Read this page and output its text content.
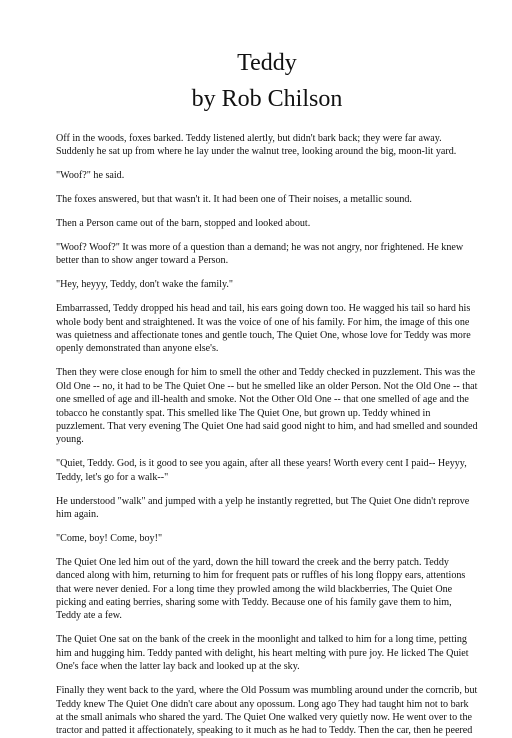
Teddy
by Rob Chilson

Off in the woods, foxes barked. Teddy listened alertly, but didn't bark back; they were far away. Suddenly he sat up from where he lay under the walnut tree, looking around the big, moon-lit yard.

"Woof?" he said.

The foxes answered, but that wasn't it. It had been one of Their noises, a metallic sound.

Then a Person came out of the barn, stopped and looked about.

"Woof? Woof?" It was more of a question than a demand; he was not angry, nor frightened. He knew better than to show anger toward a Person.

"Hey, heyyy, Teddy, don't wake the family."

Embarrassed, Teddy dropped his head and tail, his ears going down too. He wagged his tail so hard his whole body bent and straightened. It was the voice of one of his family. For him, the image of this one was quietness and affectionate tones and gentle touch, The Quiet One, whose love for Teddy was more openly demonstrated than anyone else's.

Then they were close enough for him to smell the other and Teddy checked in puzzlement. This was the Old One -- no, it had to be The Quiet One -- but he smelled like an older Person. Not the Old One -- that one smelled of age and ill-health and smoke. Not the Other Old One -- that one smelled of age and the tobacco he constantly spat. This smelled like The Quiet One, but grown up. Teddy whined in puzzlement. That very evening The Quiet One had said good night to him, and had smelled and sounded young.

"Quiet, Teddy. God, is it good to see you again, after all these years! Worth every cent I paid-- Heyyy, Teddy, let's go for a walk--"

He understood "walk" and jumped with a yelp he instantly regretted, but The Quiet One didn't reprove him again.

"Come, boy! Come, boy!"

The Quiet One led him out of the yard, down the hill toward the creek and the berry patch. Teddy danced along with him, returning to him for frequent pats or ruffles of his long floppy ears, attentions that were never denied. For a long time they prowled among the wild blackberries, The Quiet One picking and eating berries, sharing some with Teddy. Because one of his family gave them to him, Teddy ate a few.

The Quiet One sat on the bank of the creek in the moonlight and talked to him for a long time, petting him and hugging him. Teddy panted with delight, his heart melting with pure joy. He licked The Quiet One's face when the latter lay back and looked up at the sky.

Finally they went back to the yard, where the Old Possum was mumbling around under the corncrib, but Teddy knew The Quiet One didn't care about any opossum. Long ago They had taught him not to bark at the small animals who shared the yard. The Quiet One walked very quietly now. He went over to the tractor and patted it affectionately, speaking to it much as he had to Teddy. Then the car, then he peered
